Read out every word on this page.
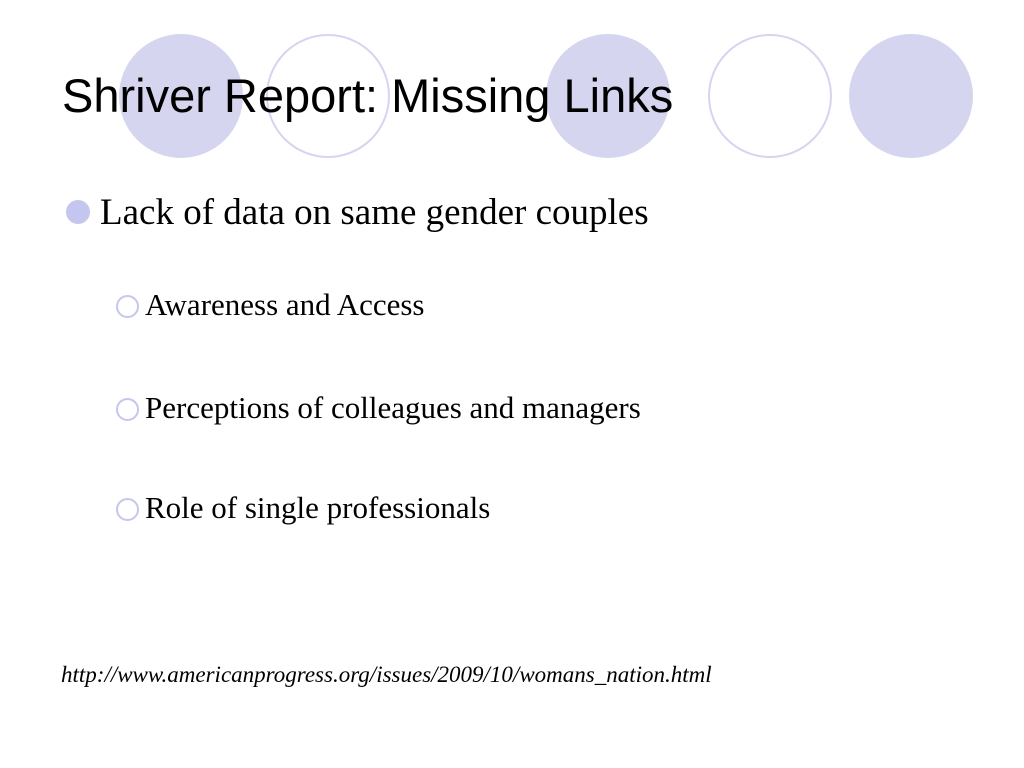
Shriver Report: Missing Links
Lack of data on same gender couples
Awareness and Access
Perceptions of colleagues and managers
Role of single professionals
http://www.americanprogress.org/issues/2009/10/womans_nation.html
